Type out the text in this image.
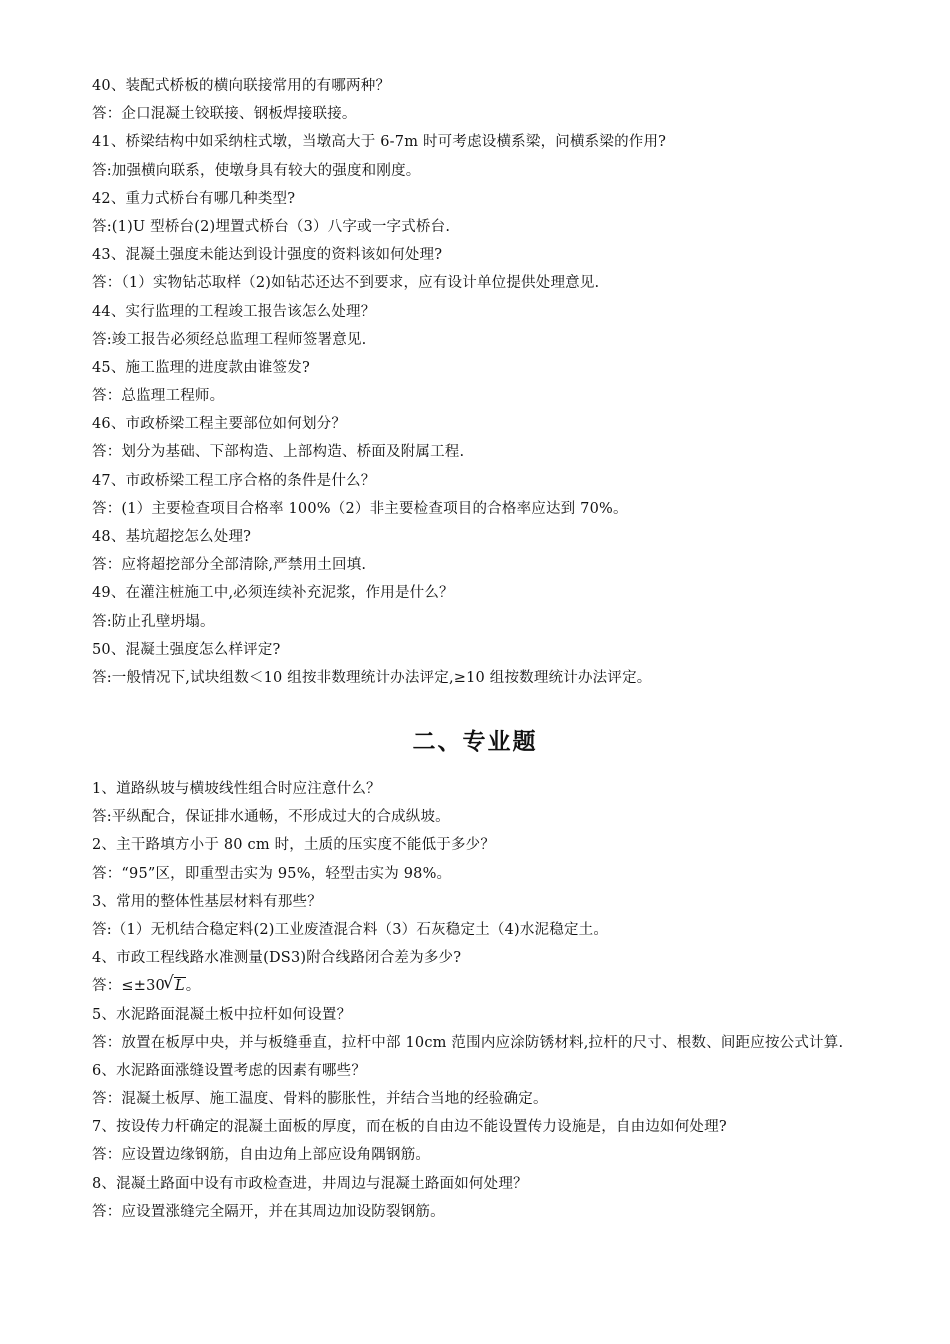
40、装配式桥板的横向联接常用的有哪两种？
答：企口混凝土铰联接、钢板焊接联接。
41、桥梁结构中如采纳柱式墩，当墩高大于 6-7m 时可考虑设横系梁，问横系梁的作用?
答:加强横向联系，使墩身具有较大的强度和刚度。
42、重力式桥台有哪几种类型?
答:(1)U 型桥台(2)埋置式桥台（3）八字或一字式桥台.
43、混凝土强度未能达到设计强度的资料该如何处理?
答：（1）实物钻芯取样（2)如钻芯还达不到要求，应有设计单位提供处理意见.
44、实行监理的工程竣工报告该怎么处理？
答:竣工报告必须经总监理工程师签署意见.
45、施工监理的进度款由谁签发?
答：总监理工程师。
46、市政桥梁工程主要部位如何划分？
答：划分为基础、下部构造、上部构造、桥面及附属工程.
47、市政桥梁工程工序合格的条件是什么？
答：(1）主要检查项目合格率 100%（2）非主要检查项目的合格率应达到 70%。
48、基坑超挖怎么处理?
答：应将超挖部分全部清除,严禁用土回填.
49、在灌注桩施工中,必须连续补充泥浆，作用是什么？
答:防止孔壁坍塌。
50、混凝土强度怎么样评定?
答:一般情况下,试块组数＜10 组按非数理统计办法评定,≥10 组按数理统计办法评定。
二、专业题
1、道路纵坡与横坡线性组合时应注意什么？
答:平纵配合，保证排水通畅，不形成过大的合成纵坡。
2、主干路填方小于 80 cm 时，土质的压实度不能低于多少？
答：“95”区，即重型击实为 95%，轻型击实为 98%。
3、常用的整体性基层材料有那些？
答:（1）无机结合稳定料(2)工业废渣混合料（3）石灰稳定土（4)水泥稳定土。
4、市政工程线路水准测量(DS3)附合线路闭合差为多少?
答：≤±30√ L。
5、水泥路面混凝土板中拉杆如何设置？
答：放置在板厚中央，并与板缝垂直，拉杆中部 10cm 范围内应涂防锈材料,拉杆的尺寸、根数、间距应按公式计算.
6、水泥路面涨缝设置考虑的因素有哪些？
答：混凝土板厚、施工温度、骨料的膨胀性，并结合当地的经验确定。
7、按设传力杆确定的混凝土面板的厚度，而在板的自由边不能设置传力设施是，自由边如何处理?
答：应设置边缘钢筋，自由边角上部应设角隅钢筋。
8、混凝土路面中设有市政检查进，井周边与混凝土路面如何处理？
答：应设置涨缝完全隔开，并在其周边加设防裂钢筋。
